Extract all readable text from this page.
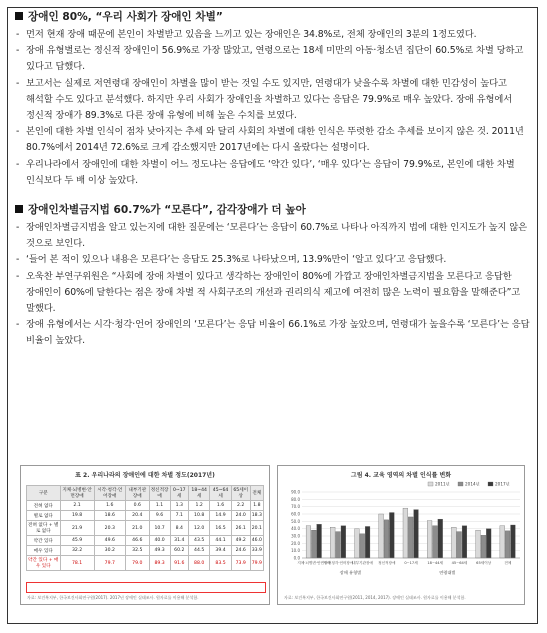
장애인 80%, “우리 사회가 장애인 차별”
- 먼저 현재 장애 때문에 본인이 차별받고 있음을 느끼고 있는 장애인은 34.8%로, 전체 장애인의 3분의 1정도였다.
- 장애 유형별로는 정신적 장애인이 56.9%로 가장 많았고, 연령으로는 18세 미만의 아동·청소년 집단이 60.5%로 차별 당하고 있다고 답했다.
- 보고서는 실제로 저연령대 장애인이 차별을 많이 받는 것일 수도 있지만, 연령대가 낮을수록 차별에 대한 민감성이 높다고 해석할 수도 있다고 분석했다. 하지만 우리 사회가 장애인을 차별하고 있다는 응답은 79.9%로 매우 높았다. 장애 유형에서 정신적 장애가 89.3%로 다른 장애 유형에 비해 높은 수치를 보였다.
- 본인에 대한 차별 인식이 점차 낮아지는 추세 와 달리 사회의 차별에 대한 인식은 뚜렷한 감소 추세를 보이지 않은 것. 2011년 80.7%에서 2014년 72.6%로 크게 감소했지만 2017년에는 다시 올랐다는 설명이다.
- 우리나라에서 장애인에 대한 차별이 어느 정도냐는 응답에도 ‘약간 있다’, ‘매우 있다’는 응답이 79.9%로, 본인에 대한 차별 인식보다 두 배 이상 높았다.
장애인차별금지법 60.7%가 “모른다”, 감각장애가 더 높아
- 장애인차별금지법을 알고 있는지에 대한 질문에는 ‘모른다’는 응답이 60.7%로 나타나 아직까지 법에 대한 인지도가 높지 않은 것으로 보인다.
- ‘들어 본 적이 있으나 내용은 모른다’는 응답도 25.3%로 나타났으며, 13.9%만이 ‘알고 있다’고 응답했다.
- 오욱찬 부연구위원은 “사회에 장애 차별이 있다고 생각하는 장애인이 80%에 가깝고 장애인차별금지법을 모른다고 응답한 장애인이 60%에 달한다는 점은 장애 차별 적 사회구조의 개선과 권리의식 제고에 여전히 많은 노력이 필요함을 말해준다”고 말했다.
- 장애 유형에서는 시각·청각·언어 장애인의 ‘모른다’는 응답 비율이 66.1%로 가장 높았으며, 연령대가 높을수록 ‘모른다’는 응답 비율이 높았다.
표 2. 우리나라의 장애인에 대한 차별 정도(2017년)
구분	지체·뇌병변·안면장애	시각·청각·언어장애	내부기관장애	정신적장애	0~17세	18~44세	45~64세	65세이상	전체
전혀 없다	2.1	1.6	0.6	1.1	1.3	1.2	1.6	2.2	1.8
별로 없다	19.8	18.6	20.4	9.6	7.1	10.8	14.9	24.0	18.3
전혀 없다 + 별로 없다	21.9	20.3	21.0	10.7	8.4	12.0	16.5	26.1	20.1
약간 있다	45.9	49.6	46.6	40.0	31.4	43.5	44.1	49.2	46.0
매우 있다	32.2	30.2	32.5	49.3	60.2	44.5	39.4	24.6	33.9
약간 있다 + 매우 있다	78.1	79.7	79.0	89.3	91.6	88.0	83.5	73.9	79.9
자료: 보건복지부, 한국보건사회연구원(2017). 2017년 장애인 실태조사. 원자료를 이용해 분석함.
그림 4. 교육 영역의 차별 인식률 변화
0.0
10.0
20.0
30.0
40.0
50.0
60.0
70.0
80.0
90.0
2011년	2014년	2017년
지체·뇌병변·안면장애
시각·청각·언어장애
내부기관장애 정신적장애 0~17세	18~44세 45~64세 65세이상	전체
장애 유형별	연령대별
자료: 보건복지부, 한국보건사회연구원(2011, 2014, 2017). 장애인 실태조사. 원자료를 이용해 분석함.
